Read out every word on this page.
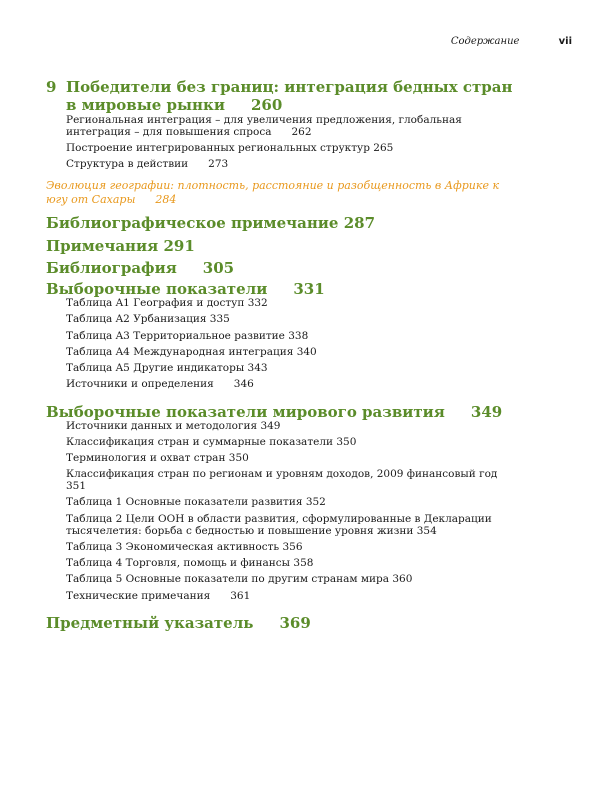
Содержание	vii
9 Победители без границ: интеграция бедных стран
в мировые рынки 260
Региональная интеграция – для увеличения предложения, глобальная
интеграция – для повышения спроса 262
Построение интегрированных региональных структур 265
Структура в действии 273
Эволюция географии: плотность, расстояние и разобщенность в Африке к
югу от Сахары 284
Библиографическое примечание 287
Примечания 291
Библиография 305
Выборочные показатели 331
Таблица A1 География и доступ 332
Таблица A2 Урбанизация 335
Таблица A3 Территориальное развитие 338
Таблица A4 Международная интеграция 340
Таблица A5 Другие индикаторы 343
Источники и определения 346
Выборочные показатели мирового развития 349
Источники данных и методология 349
Классификация стран и суммарные показатели 350
Терминология и охват стран 350
Классификация стран по регионам и уровням доходов, 2009 финансовый год
351
Таблица 1 Основные показатели развития 352
Таблица 2 Цели ООН в области развития, сформулированные в Декларации
тысячелетия: борьба с бедностью и повышение уровня жизни 354
Таблица 3 Экономическая активность 356
Таблица 4 Торговля, помощь и финансы 358
Таблица 5 Основные показатели по другим странам мира 360
Технические примечания 361
Предметный указатель 369
